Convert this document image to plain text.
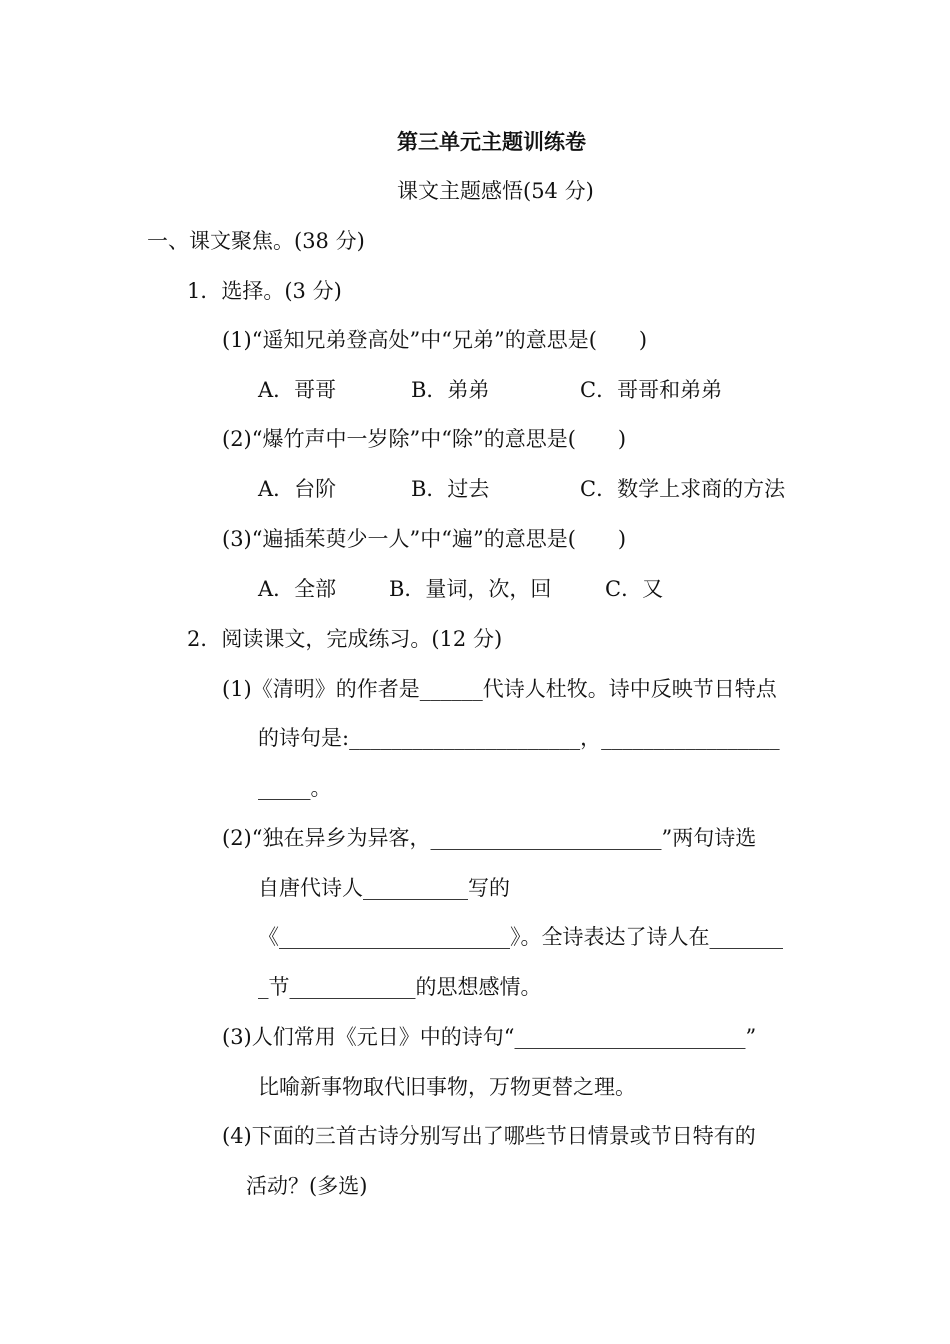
第三单元主题训练卷
课文主题感悟(54 分)
一、课文聚焦。(38 分)
1．选择。(3 分)
(1)“遥知兄弟登高处”中“兄弟”的意思是(　　)
A．哥哥	B．弟弟	C．哥哥和弟弟
(2)“爆竹声中一岁除”中“除”的意思是(　　)
A．台阶	B．过去	C．数学上求商的方法
(3)“遍插茱萸少一人”中“遍”的意思是(　　)
A．全部	B．量词，次，回	C．又
2．阅读课文，完成练习。(12 分)
(1)《清明》的作者是______代诗人杜牧。诗中反映节日特点
的诗句是:______________________，_________________
_____。
(2)“独在异乡为异客，______________________”两句诗选
自唐代诗人__________写的
《______________________》。全诗表达了诗人在_______
_节____________的思想感情。
(3)人们常用《元日》中的诗句“______________________”
比喻新事物取代旧事物，万物更替之理。
(4)下面的三首古诗分别写出了哪些节日情景或节日特有的
活动？(多选)
